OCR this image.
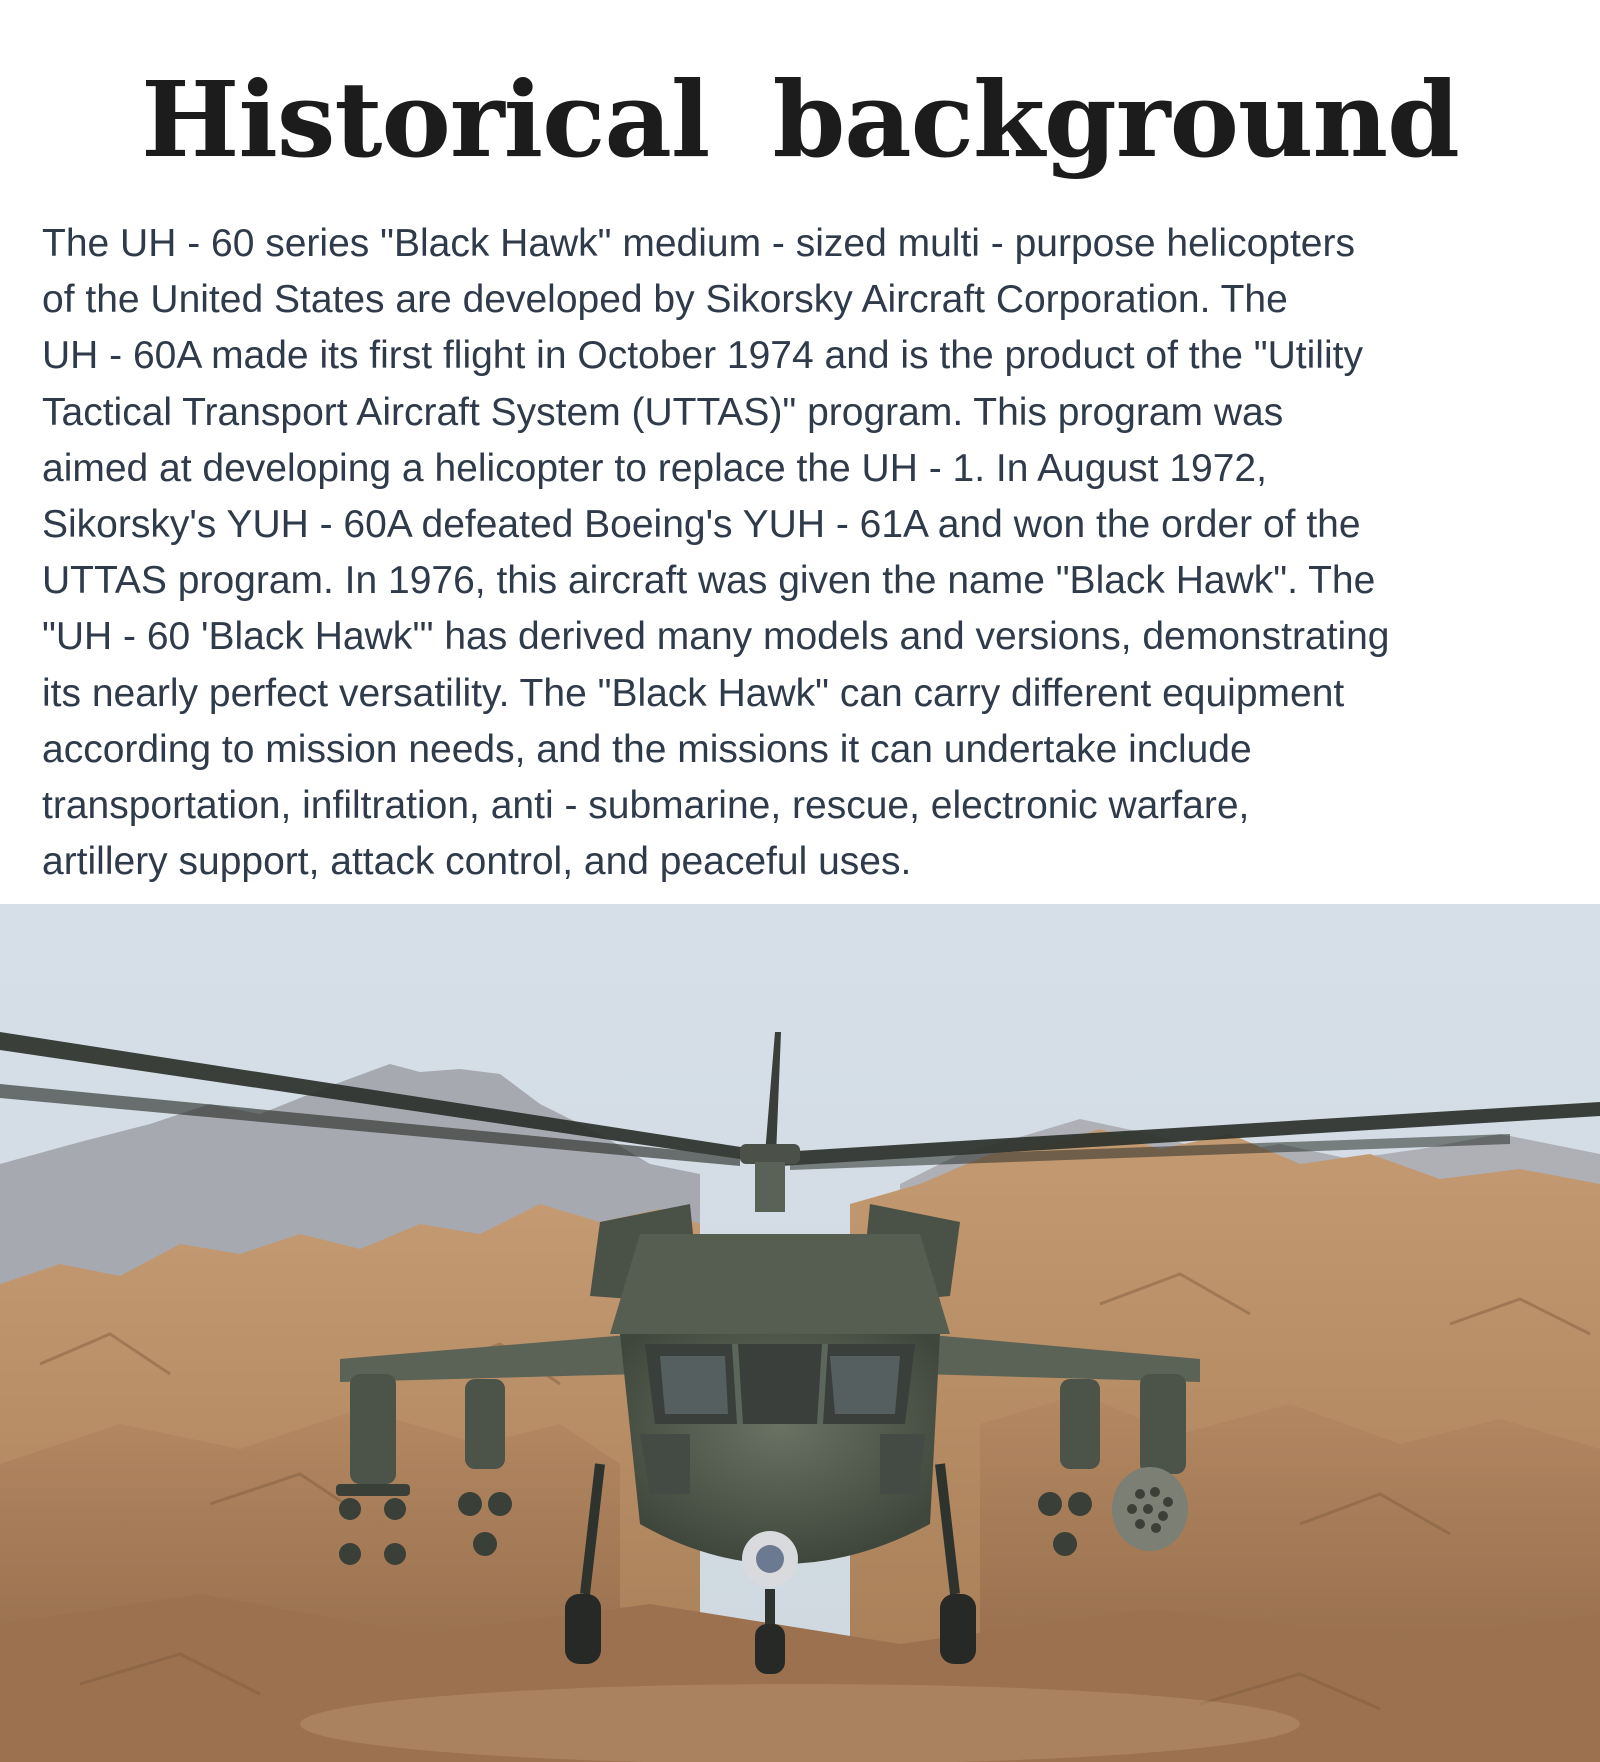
Historical background

The UH - 60 series "Black Hawk" medium - sized multi - purpose helicopters
of the United States are developed by Sikorsky Aircraft Corporation. The
UH - 60A made its first flight in October 1974 and is the product of the "Utility
Tactical Transport Aircraft System (UTTAS)" program. This program was
aimed at developing a helicopter to replace the UH - 1. In August 1972,
Sikorsky's YUH - 60A defeated Boeing's YUH - 61A and won the order of the
UTTAS program. In 1976, this aircraft was given the name "Black Hawk". The
"UH - 60 'Black Hawk'" has derived many models and versions, demonstrating
its nearly perfect versatility. The "Black Hawk" can carry different equipment
according to mission needs, and the missions it can undertake include
transportation, infiltration, anti - submarine, rescue, electronic warfare,
artillery support, attack control, and peaceful uses.
